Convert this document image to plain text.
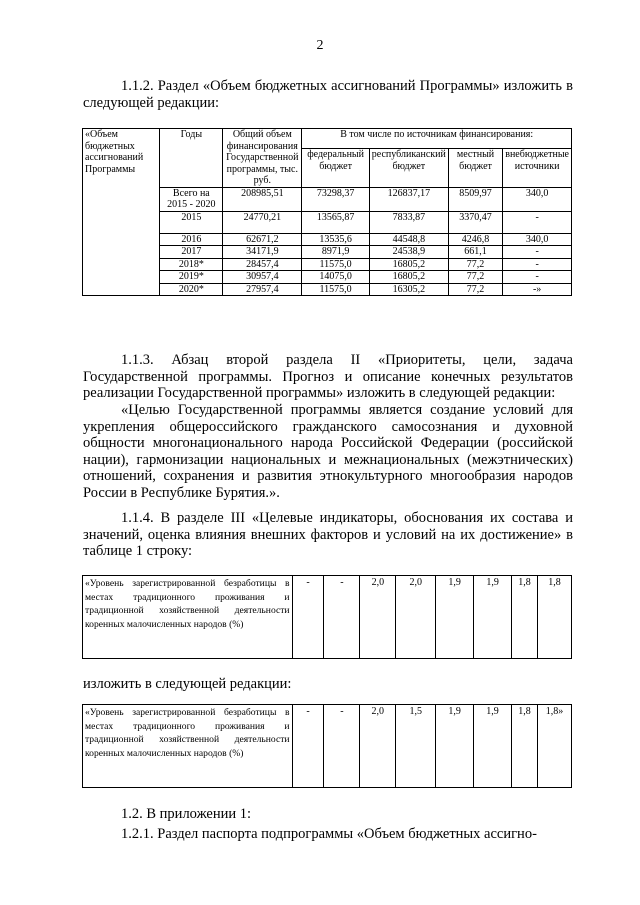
2
1.1.2. Раздел «Объем бюджетных ассигнований Программы» изложить в следующей редакции:
«Объем бюджетных ассигнований Программы	Годы	Общий объем финансирования Государственной программы, тыс. руб.	В том числе по источникам финансирования:			
			федеральный бюджет	республиканский бюджет	местный бюджет	внебюджетные источники
	Всего на 2015 - 2020	208985,51	73298,37	126837,17	8509,97	340,0
	2015	24770,21	13565,87	7833,87	3370,47	-
	2016	62671,2	13535,6	44548,8	4246,8	340,0
	2017	34171,9	8971,9	24538,9	661,1	-
	2018*	28457,4	11575,0	16805,2	77,2	-
	2019*	30957,4	14075,0	16805,2	77,2	-
	2020*	27957,4	11575,0	16305,2	77,2	-»
1.1.3. Абзац второй раздела II «Приоритеты, цели, задача Государственной программы. Прогноз и описание конечных результатов реализации Государственной программы» изложить в следующей редакции:
«Целью Государственной программы является создание условий для укрепления общероссийского гражданского самосознания и духовной общности многонационального народа Российской Федерации (российской нации), гармонизации национальных и межнациональных (межэтнических) отношений, сохранения и развития этнокультурного многообразия народов России в Республике Бурятия.».
1.1.4. В разделе III «Целевые индикаторы, обоснования их состава и значений, оценка влияния внешних факторов и условий на их достижение» в таблице 1 строку:
«Уровень зарегистрированной безработицы в местах традиционного проживания и традиционной хозяйственной деятельности коренных малочисленных народов (%)	-	-	2,0	2,0	1,9	1,9	1,8	1,8
изложить в следующей редакции:
«Уровень зарегистрированной безработицы в местах традиционного проживания и традиционной хозяйственной деятельности коренных малочисленных народов (%)	-	-	2,0	1,5	1,9	1,9	1,8	1,8»
1.2. В приложении 1:
1.2.1. Раздел паспорта подпрограммы «Объем бюджетных ассигно-
